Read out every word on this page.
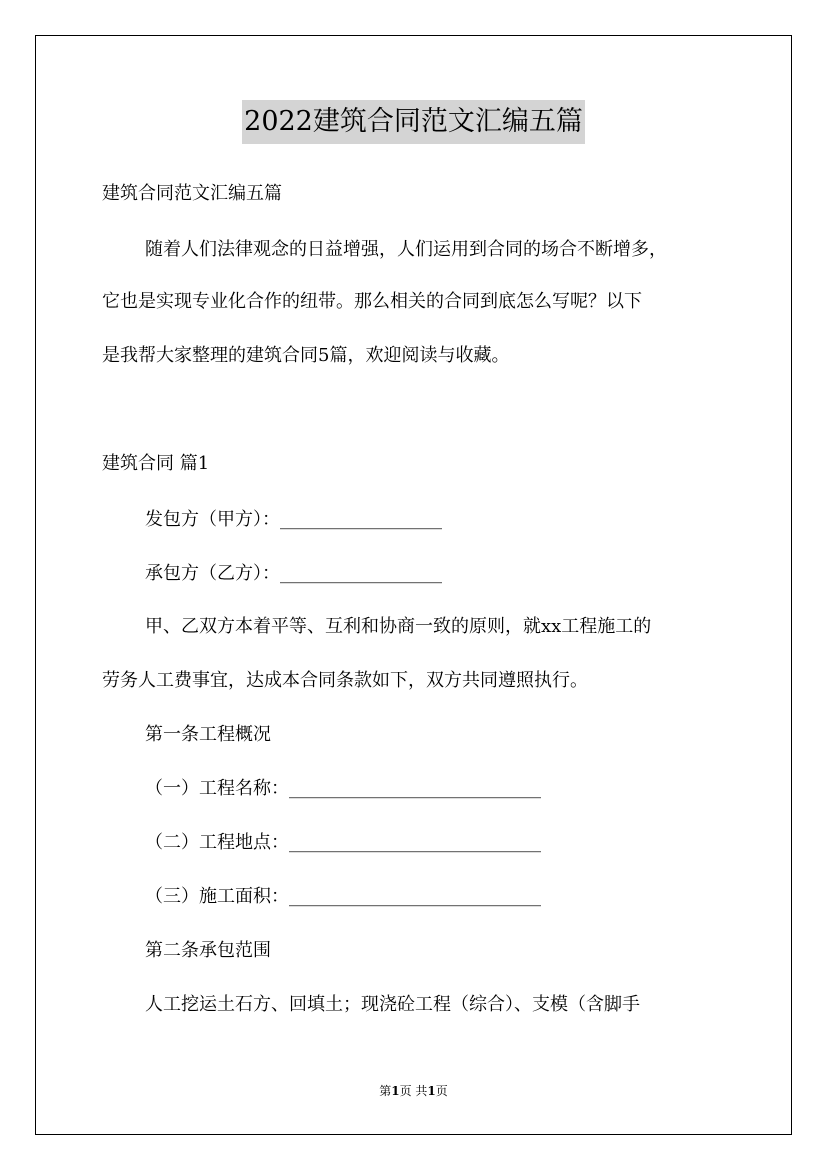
2022建筑合同范文汇编五篇
建筑合同范文汇编五篇
随着人们法律观念的日益增强，人们运用到合同的场合不断增多，
它也是实现专业化合作的纽带。那么相关的合同到底怎么写呢？以下
是我帮大家整理的建筑合同5篇，欢迎阅读与收藏。
建筑合同 篇1
发包方（甲方）：__________________
承包方（乙方）：__________________
甲、乙双方本着平等、互利和协商一致的原则，就xx工程施工的
劳务人工费事宜，达成本合同条款如下，双方共同遵照执行。
第一条工程概况
（一）工程名称：____________________________
（二）工程地点：____________________________
（三）施工面积：____________________________
第二条承包范围
人工挖运土石方、回填土；现浇砼工程（综合）、支模（含脚手
第1页 共1页
